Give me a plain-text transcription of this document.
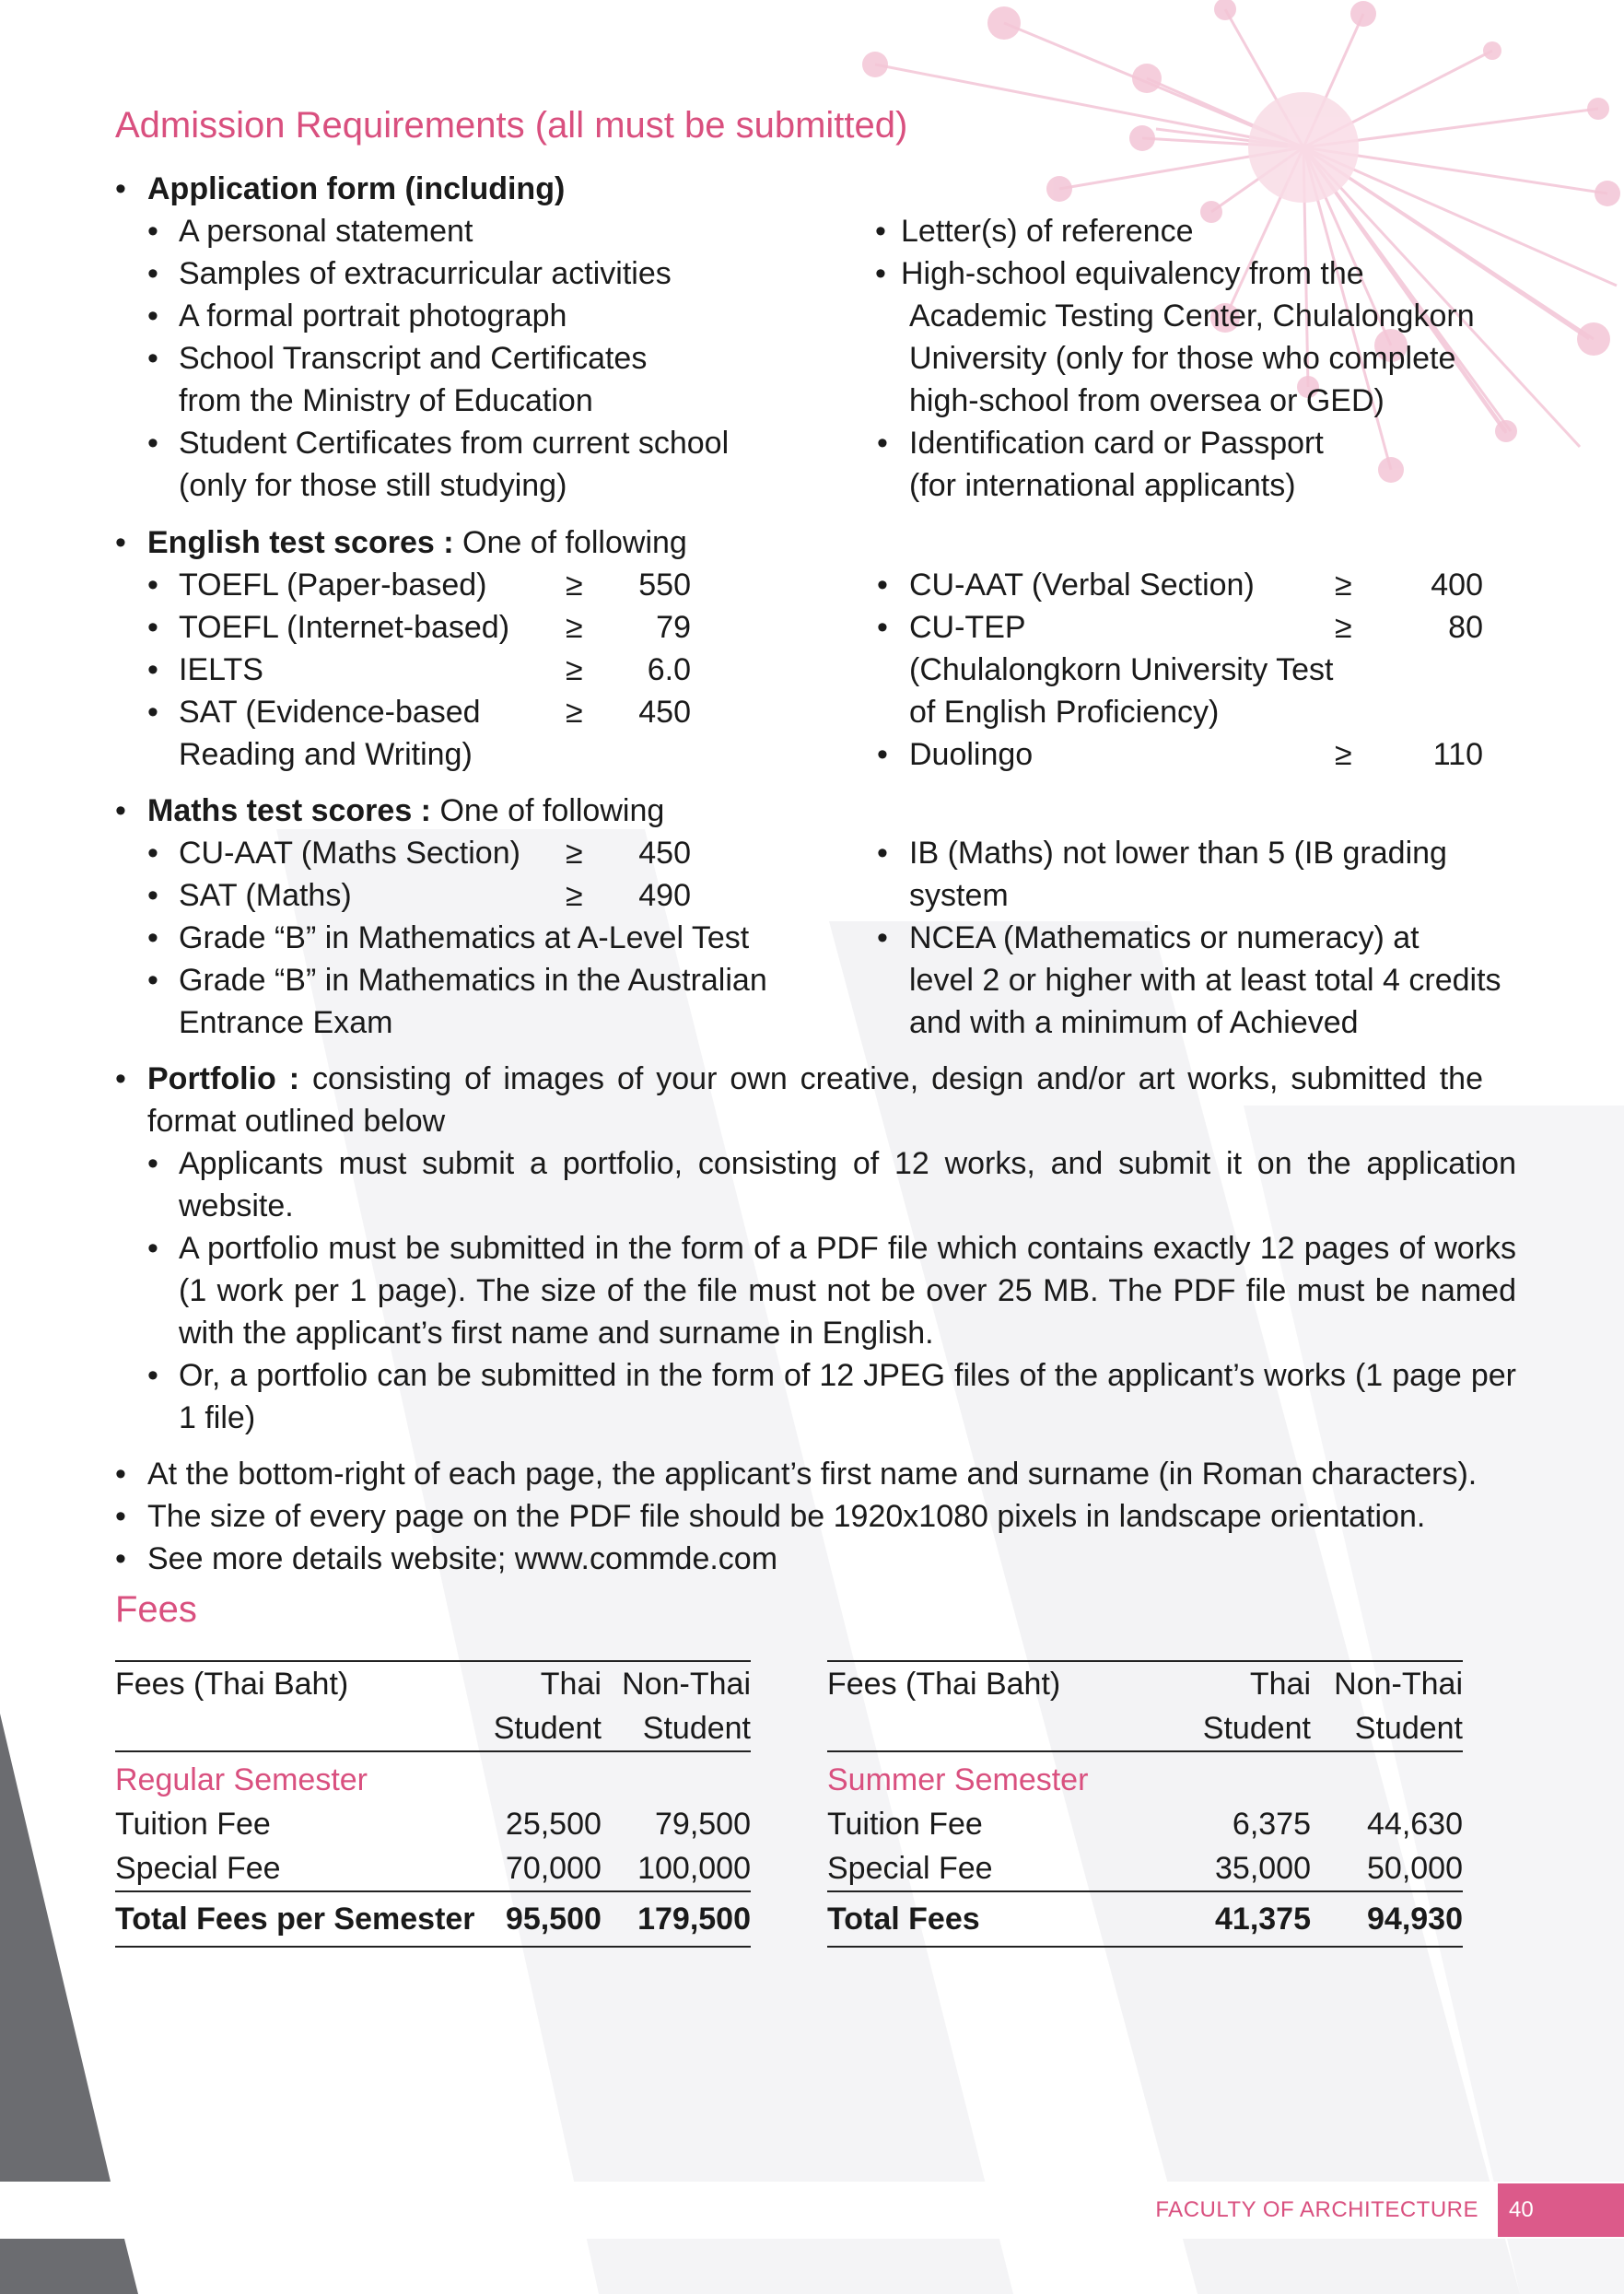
Admission Requirements (all must be submitted)
• Application form (including)
• A personal statement
• Samples of extracurricular activities
• A formal portrait photograph
• School Transcript and Certificates
from the Ministry of Education
• Student Certificates from current school
(only for those still studying)
• Letter(s) of reference
• High-school equivalency from the
Academic Testing Center, Chulalongkorn
University (only for those who complete
high-school from oversea or GED)
• Identification card or Passport
(for international applicants)
• English test scores : One of following
• TOEFL (Paper-based)	≥	550
• TOEFL (Internet-based) ≥	79
• IELTS	≥	6.0
• SAT (Evidence-based	≥	450
Reading and Writing)
• CU-AAT (Verbal Section)	≥	400
• CU-TEP	≥	80
(Chulalongkorn University Test
of English Proficiency)
• Duolingo	≥	110
• Maths test scores : One of following
• CU-AAT (Maths Section) ≥	450
• SAT (Maths)	≥	490
• Grade “B” in Mathematics at A-Level Test
• Grade “B” in Mathematics in the Australian
Entrance Exam
• IB (Maths) not lower than 5 (IB grading
system
• NCEA (Mathematics or numeracy) at
level 2 or higher with at least total 4 credits
and with a minimum of Achieved
• Portfolio : consisting of images of your own creative, design and/or art works, submitted the format outlined below
• Applicants must submit a portfolio, consisting of 12 works, and submit it on the application website.
• A portfolio must be submitted in the form of a PDF file which contains exactly 12 pages of works (1 work per 1 page). The size of the file must not be over 25 MB. The PDF file must be named with the applicant’s first name and surname in English.
• Or, a portfolio can be submitted in the form of 12 JPEG files of the applicant’s works (1 page per 1 file)
• At the bottom-right of each page, the applicant’s first name and surname (in Roman characters).
• The size of every page on the PDF file should be 1920x1080 pixels in landscape orientation.
• See more details website; www.commde.com
Fees
Fees (Thai Baht)	Thai	Non-Thai
	Student	Student
Regular Semester		
Tuition Fee	25,500	79,500
Special Fee	70,000	100,000
Total Fees per Semester	95,500	179,500
Fees (Thai Baht)	Thai	Non-Thai
	Student	Student
Summer Semester		
Tuition Fee	6,375	44,630
Special Fee	35,000	50,000
Total Fees	41,375	94,930
FACULTY OF ARCHITECTURE	40
